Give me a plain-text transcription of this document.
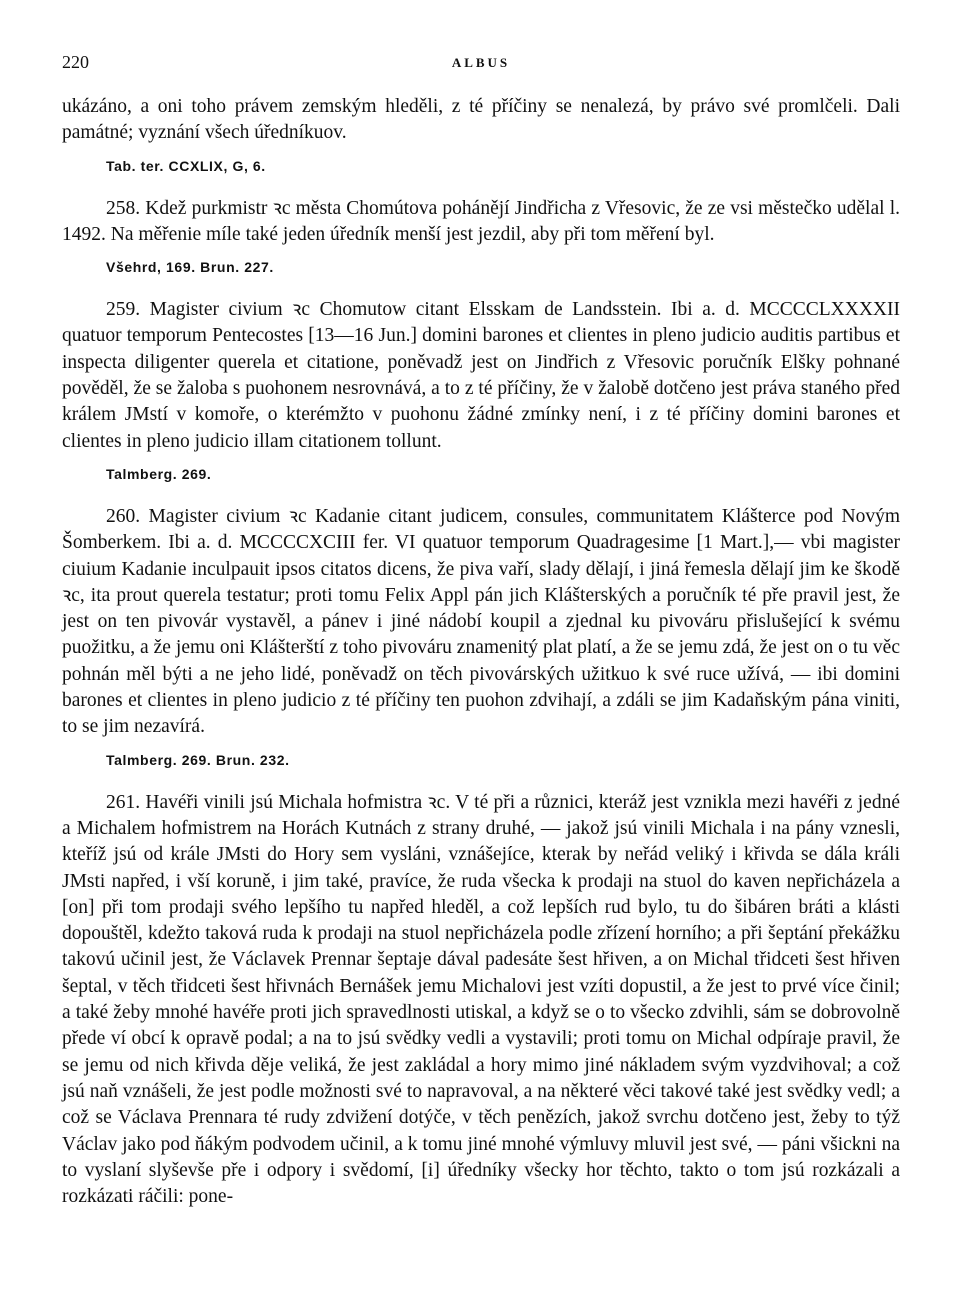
220	ALBUS

ukázáno, a oni toho právem zemským hleděli, z té příčiny se nenalezá, by právo své promlčeli. Dali památné; vyznání všech úředníkuov.

Tab. ter. CCXLIX, G, 6.

258. Kdež purkmistr ꝛc města Chomútova pohánějí Jindřicha z Vřesovic, že ze vsi městečko udělal l. 1492. Na měřenie míle také jeden úředník menší jest jezdil, aby při tom měření byl.

Všehrd, 169. Brun. 227.

259. Magister civium ꝛc Chomutow citant Elsskam de Landsstein. Ibi a. d. MCCCCLXXXXII quatuor temporum Pentecostes [13—16 Jun.] domini barones et clientes in pleno judicio auditis partibus et inspecta diligenter querela et citatione, poněvadž jest on Jindřich z Vřesovic poručník Elšky pohnané pověděl, že se žaloba s puohonem nesrovnává, a to z té příčiny, že v žalobě dotčeno jest práva staného před králem JMstí v komoře, o kterémžto v puohonu žádné zmínky není, i z té příčiny domini barones et clientes in pleno judicio illam citationem tollunt.

Talmberg. 269.

260. Magister civium ꝛc Kadanie citant judicem, consules, communitatem Klášterce pod Novým Šomberkem. Ibi a. d. MCCCCXCIII fer. VI quatuor temporum Quadragesime [1 Mart.],— vbi magister ciuium Kadanie inculpauit ipsos citatos dicens, že piva vaří, slady dělají, i jiná řemesla dělají jim ke škodě ꝛc, ita prout querela testatur; proti tomu Felix Appl pán jich Klášterských a poručník té pře pravil jest, že jest on ten pivovár vystavěl, a pánev i jiné nádobí koupil a zjednal ku pivováru přislušející k svému puožitku, a že jemu oni Klášterští z toho pivováru znamenitý plat platí, a že se jemu zdá, že jest on o tu věc pohnán měl býti a ne jeho lidé, poněvadž on těch pivovárských užitkuo k své ruce užívá, — ibi domini barones et clientes in pleno judicio z té příčiny ten puohon zdvihají, a zdáli se jim Kadaňským pána viniti, to se jim nezavírá.

Talmberg. 269. Brun. 232.

261. Havéři vinili jsú Michala hofmistra ꝛc. V té při a různici, kteráž jest vznikla mezi havéři z jedné a Michalem hofmistrem na Horách Kutnách z strany druhé, — jakož jsú vinili Michala i na pány vznesli, kteříž jsú od krále JMsti do Hory sem vysláni, vznášejíce, kterak by neřád veliký i křivda se dála králi JMsti napřed, i vší koruně, i jim také, pravíce, že ruda všecka k prodaji na stuol do kaven nepřicházela a [on] při tom prodaji svého lepšího tu napřed hleděl, a což lepších rud bylo, tu do šibáren bráti a klásti dopouštěl, kdežto taková ruda k prodaji na stuol nepřicházela podle zřízení horního; a při šeptání překážku takovú učinil jest, že Václavek Prennar šeptaje dával padesáte šest hřiven, a on Michal třidceti šest hřiven šeptal, v těch třidceti šest hřivnách Bernášek jemu Michalovi jest vzíti dopustil, a že jest to prvé více činil; a také žeby mnohé havéře proti jich spravedlnosti utiskal, a když se o to všecko zdvihli, sám se dobrovolně přede ví obcí k opravě podal; a na to jsú svědky vedli a vystavili; proti tomu on Michal odpíraje pravil, že se jemu od nich křivda děje veliká, že jest zakládal a hory mimo jiné nákladem svým vyzdvihoval; a což jsú naň vznášeli, že jest podle možnosti své to napravoval, a na některé věci takové také jest svědky vedl; a což se Václava Prennara té rudy zdvižení dotýče, v těch penězích, jakož svrchu dotčeno jest, žeby to týž Václav jako pod ňákým podvodem učinil, a k tomu jiné mnohé výmluvy mluvil jest své, — páni všicknі na to vyslaní slyševše pře i odpory i svědomí, [i] úředníky všecky hor těchto, takto o tom jsú rozkázali a rozkázati ráčili: pone-
